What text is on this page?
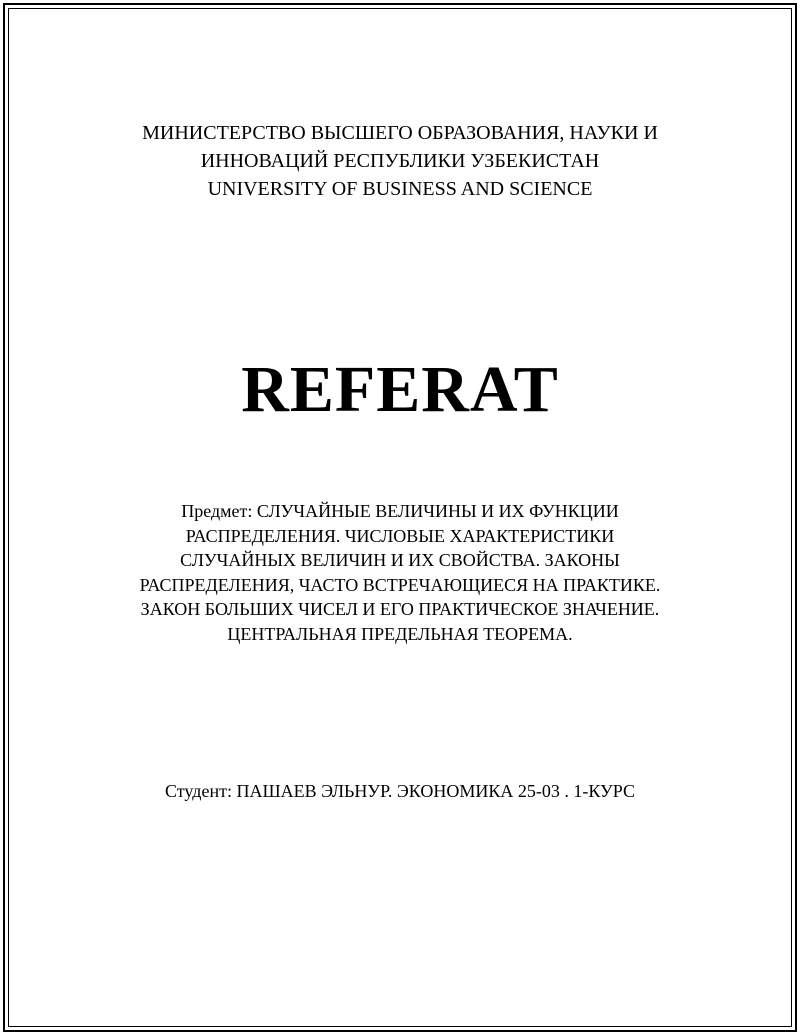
МИНИСТЕРСТВО ВЫСШЕГО ОБРАЗОВАНИЯ, НАУКИ И
ИННОВАЦИЙ РЕСПУБЛИКИ УЗБЕКИСТАН
UNIVERSITY OF BUSINESS AND SCIENCE
REFERAT
Предмет: СЛУЧАЙНЫЕ ВЕЛИЧИНЫ И ИХ ФУНКЦИИ
РАСПРЕДЕЛЕНИЯ. ЧИСЛОВЫЕ ХАРАКТЕРИСТИКИ
СЛУЧАЙНЫХ ВЕЛИЧИН И ИХ СВОЙСТВА. ЗАКОНЫ
РАСПРЕДЕЛЕНИЯ, ЧАСТО ВСТРЕЧАЮЩИЕСЯ НА ПРАКТИКЕ.
ЗАКОН БОЛЬШИХ ЧИСЕЛ И ЕГО ПРАКТИЧЕСКОЕ ЗНАЧЕНИЕ.
ЦЕНТРАЛЬНАЯ ПРЕДЕЛЬНАЯ ТЕОРЕМА.
Студент: ПАШАЕВ ЭЛЬНУР. ЭКОНОМИКА 25-03 . 1-КУРС
